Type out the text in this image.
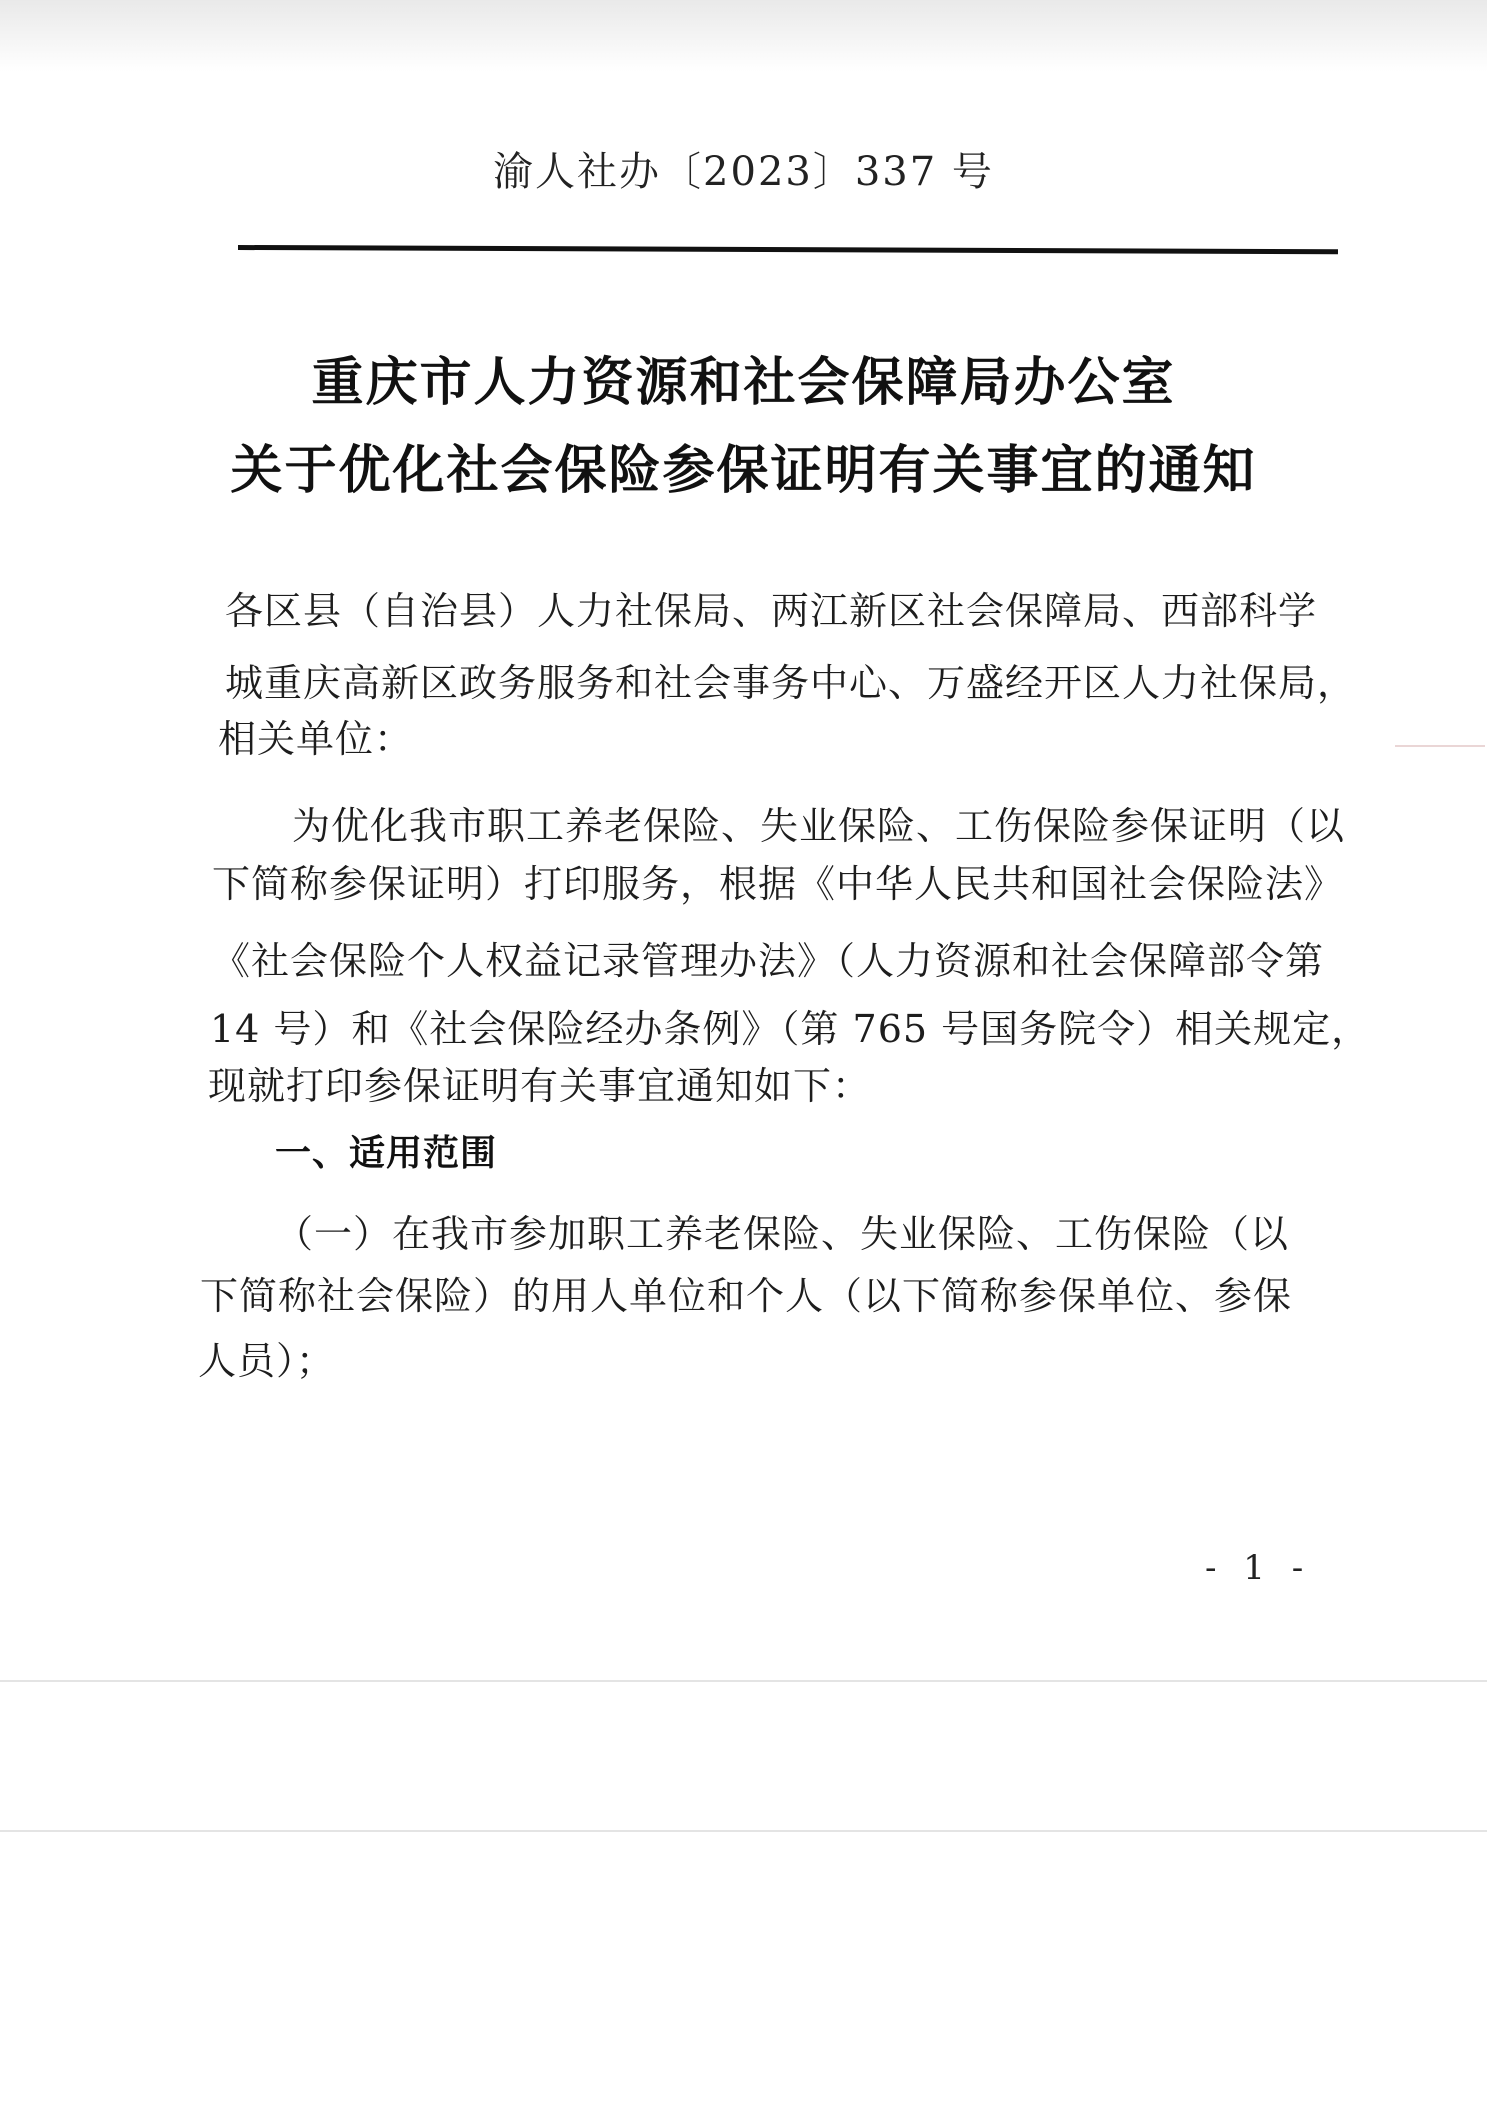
渝人社办〔2023〕337 号
重庆市人力资源和社会保障局办公室
关于优化社会保险参保证明有关事宜的通知
各区县（自治县）人力社保局、两江新区社会保障局、西部科学
城重庆高新区政务服务和社会事务中心、万盛经开区人力社保局，
相关单位：
为优化我市职工养老保险、失业保险、工伤保险参保证明（以
下简称参保证明）打印服务，根据《中华人民共和国社会保险法》
《社会保险个人权益记录管理办法》（人力资源和社会保障部令第
14 号）和《社会保险经办条例》（第 765 号国务院令）相关规定，
现就打印参保证明有关事宜通知如下：
一、适用范围
（一）在我市参加职工养老保险、失业保险、工伤保险（以
下简称社会保险）的用人单位和个人（以下简称参保单位、参保
人员）；
- 1 -
